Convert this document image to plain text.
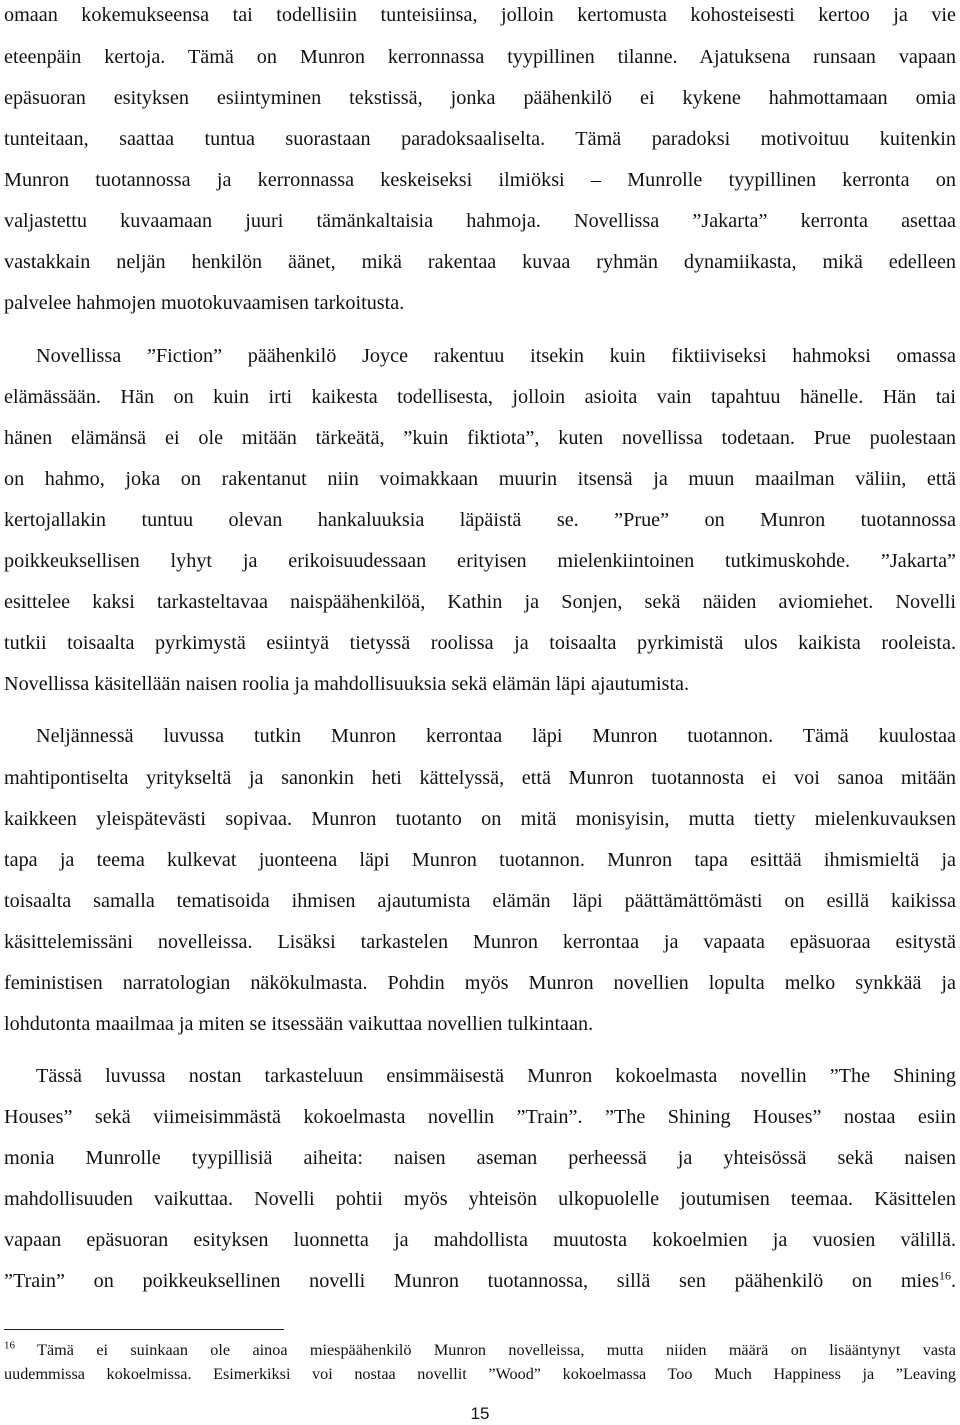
omaan kokemukseensa tai todellisiin tunteisiinsa, jolloin kertomusta kohosteisesti kertoo ja vie
eteenpäin kertoja. Tämä on Munron kerronnassa tyypillinen tilanne. Ajatuksena runsaan vapaan
epäsuoran esityksen esiintyminen tekstissä, jonka päähenkilö ei kykene hahmottamaan omia
tunteitaan, saattaa tuntua suorastaan paradoksaaliselta. Tämä paradoksi motivoituu kuitenkin
Munron tuotannossa ja kerronnassa keskeiseksi ilmiöksi – Munrolle tyypillinen kerronta on
valjastettu kuvaamaan juuri tämänkaltaisia hahmoja. Novellissa ”Jakarta” kerronta asettaa
vastakkain neljän henkilön äänet, mikä rakentaa kuvaa ryhmän dynamiikasta, mikä edelleen
palvelee hahmojen muotokuvaamisen tarkoitusta.
Novellissa ”Fiction” päähenkilö Joyce rakentuu itsekin kuin fiktiiviseksi hahmoksi omassa
elämässään. Hän on kuin irti kaikesta todellisesta, jolloin asioita vain tapahtuu hänelle. Hän tai
hänen elämänsä ei ole mitään tärkeätä, ”kuin fiktiota”, kuten novellissa todetaan. Prue puolestaan
on hahmo, joka on rakentanut niin voimakkaan muurin itsensä ja muun maailman väliin, että
kertojallakin tuntuu olevan hankaluuksia läpäistä se. ”Prue” on Munron tuotannossa
poikkeuksellisen lyhyt ja erikoisuudessaan erityisen mielenkiintoinen tutkimuskohde. ”Jakarta”
esittelee kaksi tarkasteltavaa naispäähenkilöä, Kathin ja Sonjen, sekä näiden aviomiehet. Novelli
tutkii toisaalta pyrkimystä esiintyä tietyssä roolissa ja toisaalta pyrkimistä ulos kaikista rooleista.
Novellissa käsitellään naisen roolia ja mahdollisuuksia sekä elämän läpi ajautumista.
Neljännessä luvussa tutkin Munron kerrontaa läpi Munron tuotannon. Tämä kuulostaa
mahtipontiselta yritykseltä ja sanonkin heti kättelyssä, että Munron tuotannosta ei voi sanoa mitään
kaikkeen yleispätevästi sopivaa. Munron tuotanto on mitä monisyisin, mutta tietty mielenkuvauksen
tapa ja teema kulkevat juonteena läpi Munron tuotannon. Munron tapa esittää ihmismieltä ja
toisaalta samalla tematisoida ihmisen ajautumista elämän läpi päättämättömästi on esillä kaikissa
käsittelemissäni novelleissa. Lisäksi tarkastelen Munron kerrontaa ja vapaata epäsuoraa esitystä
feministisen narratologian näkökulmasta. Pohdin myös Munron novellien lopulta melko synkkää ja
lohdutonta maailmaa ja miten se itsessään vaikuttaa novellien tulkintaan.
Tässä luvussa nostan tarkasteluun ensimmäisestä Munron kokoelmasta novellin ”The Shining
Houses” sekä viimeisimmästä kokoelmasta novellin ”Train”. ”The Shining Houses” nostaa esiin
monia Munrolle tyypillisiä aiheita: naisen aseman perheessä ja yhteisössä sekä naisen
mahdollisuuden vaikuttaa. Novelli pohtii myös yhteisön ulkopuolelle joutumisen teemaa. Käsittelen
vapaan epäsuoran esityksen luonnetta ja mahdollista muutosta kokoelmien ja vuosien välillä.
”Train” on poikkeuksellinen novelli Munron tuotannossa, sillä sen päähenkilö on mies$^{16}$.
$^{16}$ Tämä ei suinkaan ole ainoa miespäähenkilö Munron novelleissa, mutta niiden määrä on lisääntynyt vasta
uudemmissa kokoelmissa. Esimerkiksi voi nostaa novellit ”Wood” kokoelmassa Too Much Happiness ja ”Leaving
15
